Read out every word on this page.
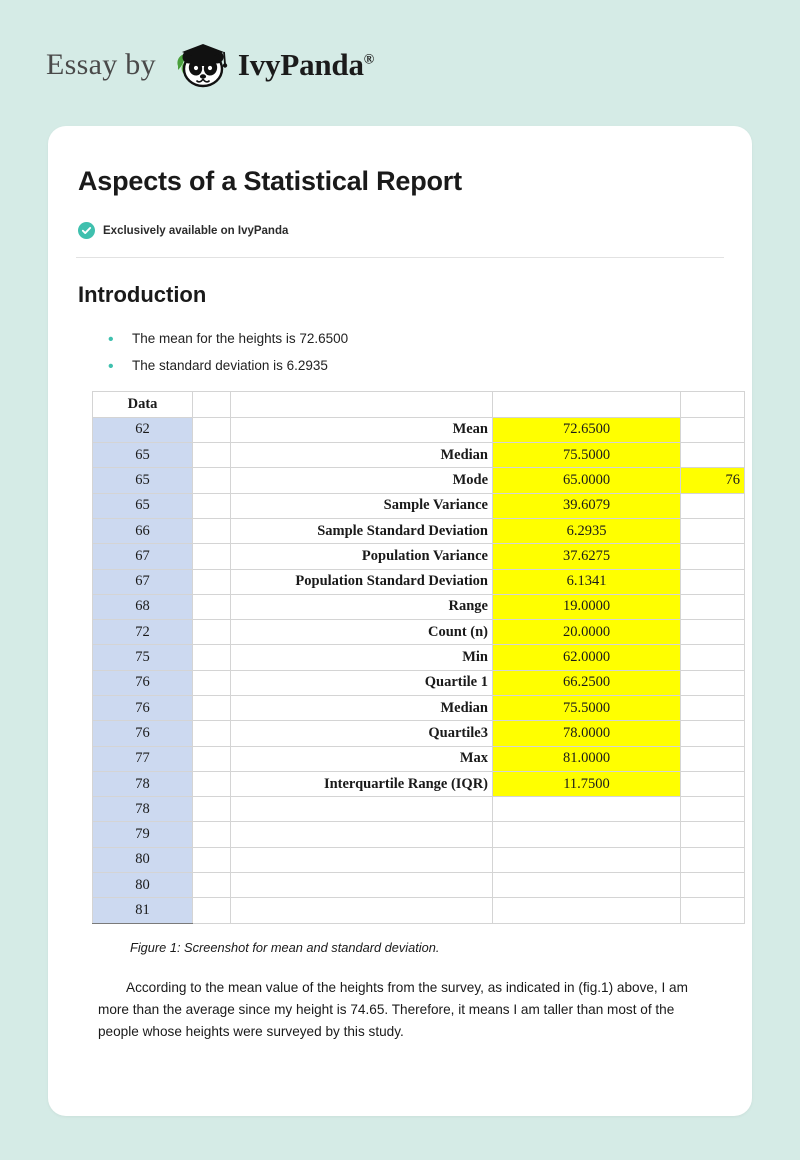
Essay by	IvyPanda®
Aspects of a Statistical Report
Exclusively available on IvyPanda
Introduction
• The mean for the heights is 72.6500
• The standard deviation is 6.2935
Data				
62		Mean	72.6500	
65		Median	75.5000	
65		Mode	65.0000	76
65		Sample Variance	39.6079	
66		Sample Standard Deviation	6.2935	
67		Population Variance	37.6275	
67		Population Standard Deviation	6.1341	
68		Range	19.0000	
72		Count (n)	20.0000	
75		Min	62.0000	
76		Quartile 1	66.2500	
76		Median	75.5000	
76		Quartile3	78.0000	
77		Max	81.0000	
78		Interquartile Range (IQR)	11.7500	
78				
79				
80				
80				
81				
Figure 1: Screenshot for mean and standard deviation.

According to the mean value of the heights from the survey, as indicated in (fig.1) above, I am more than the average since my height is 74.65. Therefore, it means I am taller than most of the people whose heights were surveyed by this study.
